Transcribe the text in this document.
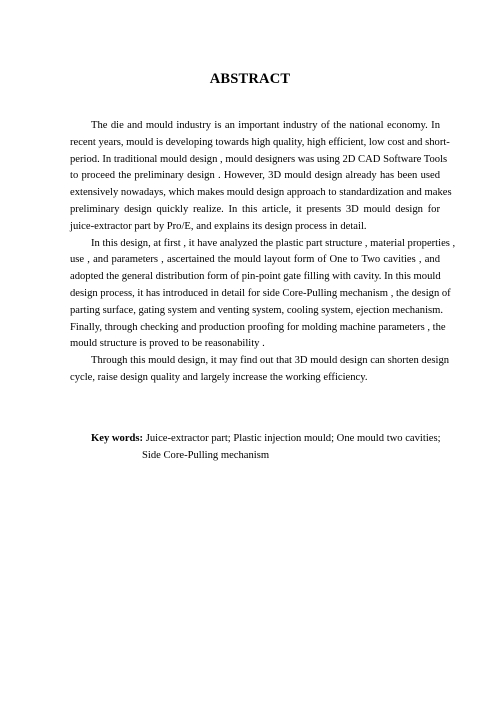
ABSTRACT
The die and mould industry is an important industry of the national economy. In
recent years, mould is developing towards high quality, high efficient, low cost and short-
period. In traditional mould design , mould designers was using 2D CAD Software Tools
to proceed the preliminary design . However, 3D mould design already has been used
extensively nowadays, which makes mould design approach to standardization and makes
preliminary design quickly realize. In this article, it presents 3D mould design for
juice-extractor part by Pro/E, and explains its design process in detail.
In this design, at first , it have analyzed the plastic part structure , material properties ,
use , and parameters , ascertained the mould layout form of One to Two cavities , and
adopted the general distribution form of pin-point gate filling with cavity. In this mould
design process, it has introduced in detail for side Core-Pulling mechanism , the design of
parting surface, gating system and venting system, cooling system, ejection mechanism.
Finally, through checking and production proofing for molding machine parameters , the
mould structure is proved to be reasonability .
Through this mould design, it may find out that 3D mould design can shorten design
cycle, raise design quality and largely increase the working efficiency.
Key words: Juice-extractor part; Plastic injection mould; One mould two cavities;
Side Core-Pulling mechanism
